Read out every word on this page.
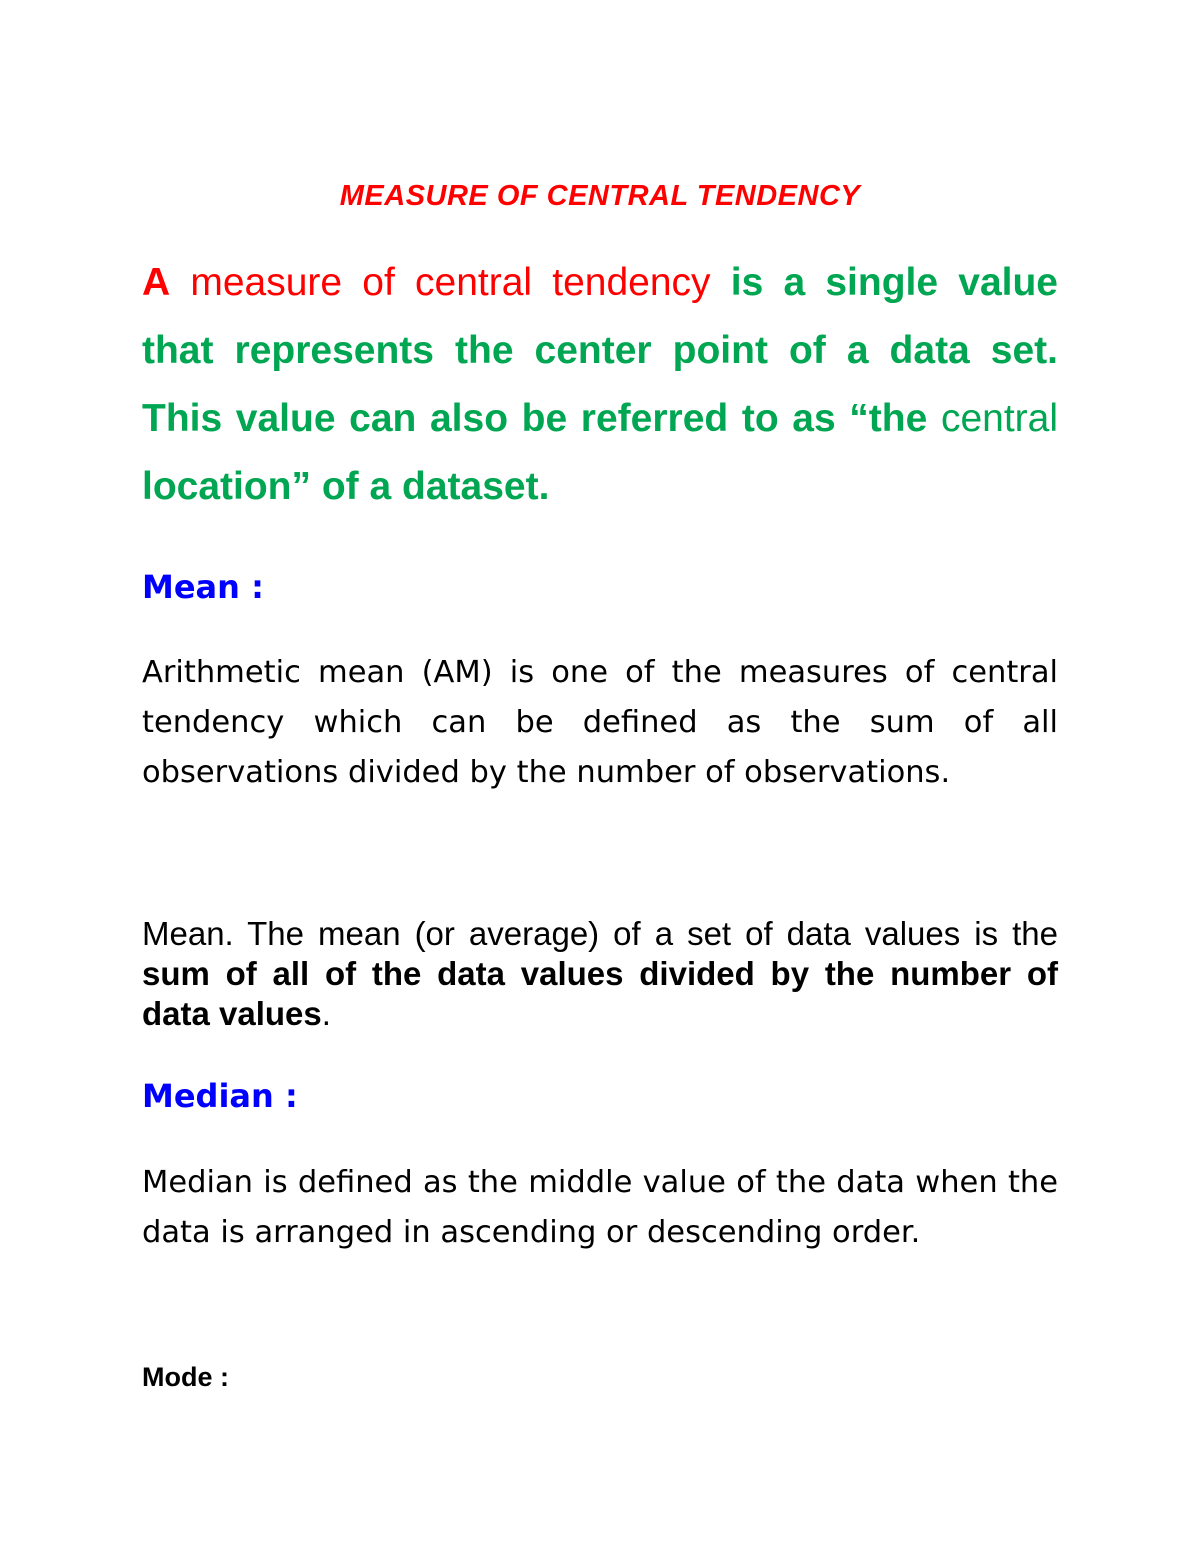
MEASURE OF CENTRAL TENDENCY
A measure of central tendency is a single value that represents the center point of a data set. This value can also be referred to as “the central location” of a dataset.
Mean :
Arithmetic mean (AM) is one of the measures of central tendency which can be defined as the sum of all observations divided by the number of observations.
Mean. The mean (or average) of a set of data values is the sum of all of the data values divided by the number of data values.
Median :
Median is defined as the middle value of the data when the data is arranged in ascending or descending order.
Mode :
